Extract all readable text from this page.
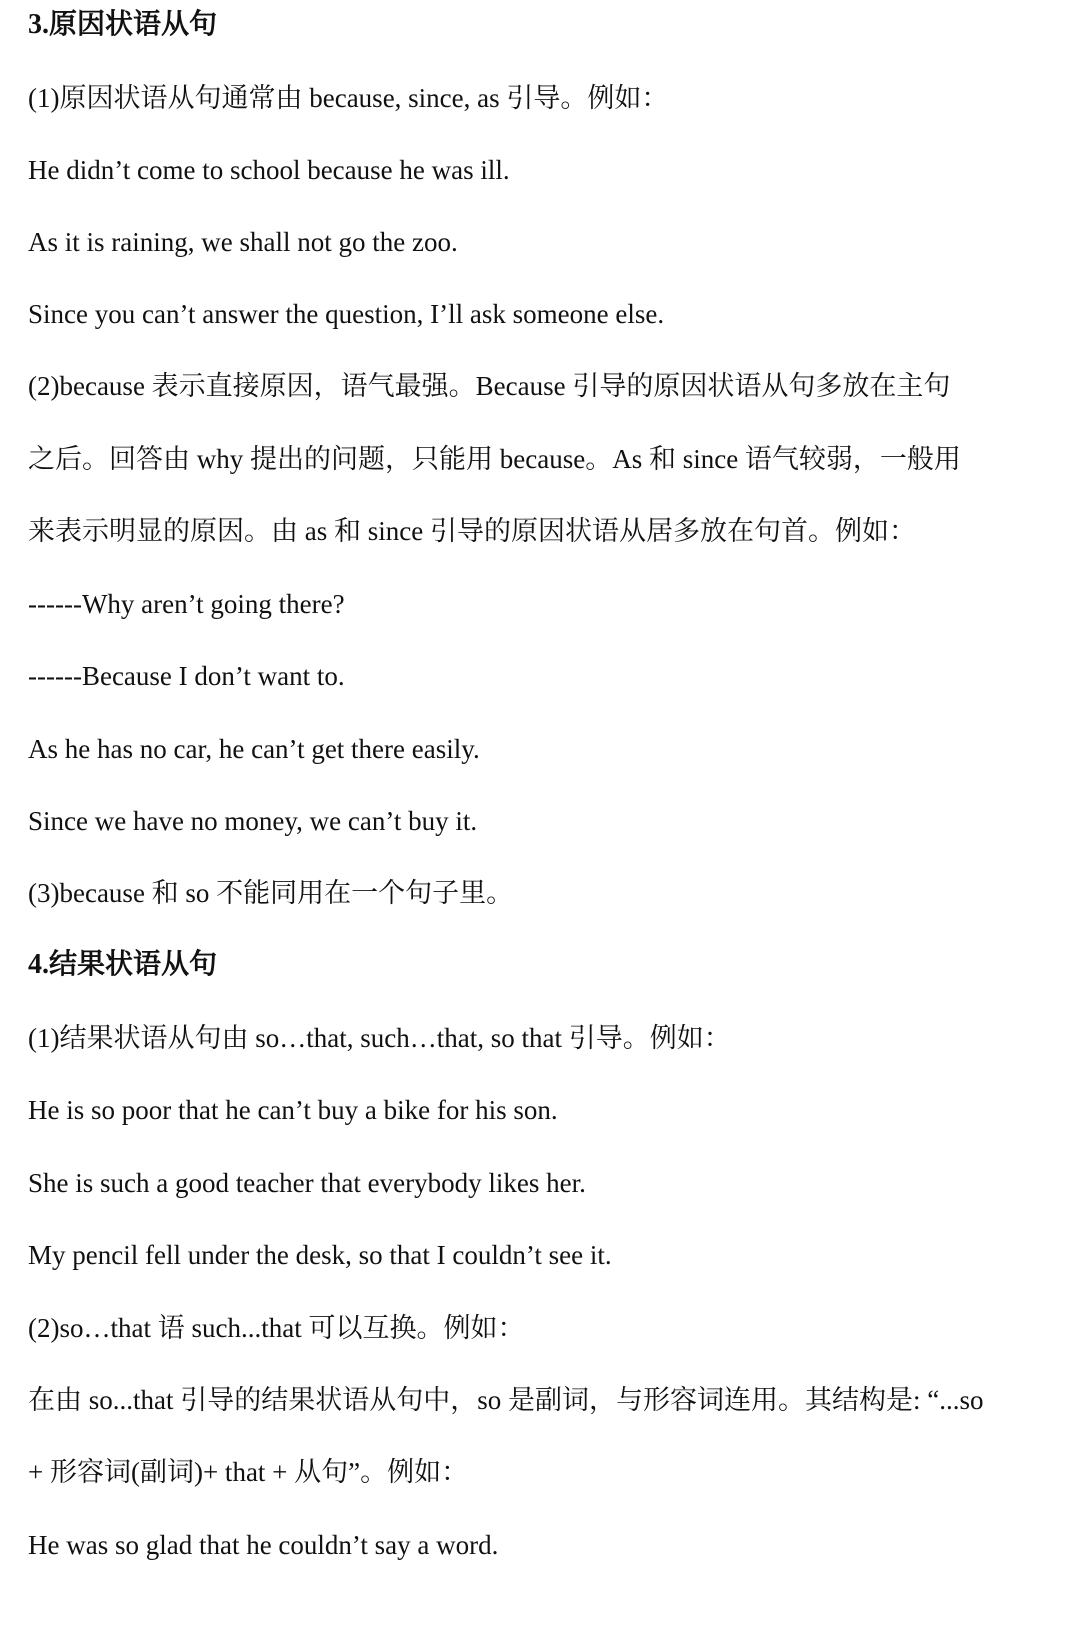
3.原因状语从句
(1)原因状语从句通常由 because, since, as 引导。例如：
He didn’t come to school because he was ill.
As it is raining, we shall not go the zoo.
Since you can’t answer the question, I’ll ask someone else.
(2)because 表示直接原因，语气最强。Because 引导的原因状语从句多放在主句
之后。回答由 why 提出的问题，只能用 because。As 和 since 语气较弱，一般用
来表示明显的原因。由 as 和 since 引导的原因状语从居多放在句首。例如：
------Why aren’t going there?
------Because I don’t want to.
As he has no car, he can’t get there easily.
Since we have no money, we can’t buy it.
(3)because 和 so 不能同用在一个句子里。
4.结果状语从句
(1)结果状语从句由 so…that, such…that, so that 引导。例如：
He is so poor that he can’t buy a bike for his son.
She is such a good teacher that everybody likes her.
My pencil fell under the desk, so that I couldn’t see it.
(2)so…that 语 such...that 可以互换。例如：
在由 so...that 引导的结果状语从句中，so 是副词，与形容词连用。其结构是: “...so
+ 形容词(副词)+ that + 从句”。例如：
He was so glad that he couldn’t say a word.
